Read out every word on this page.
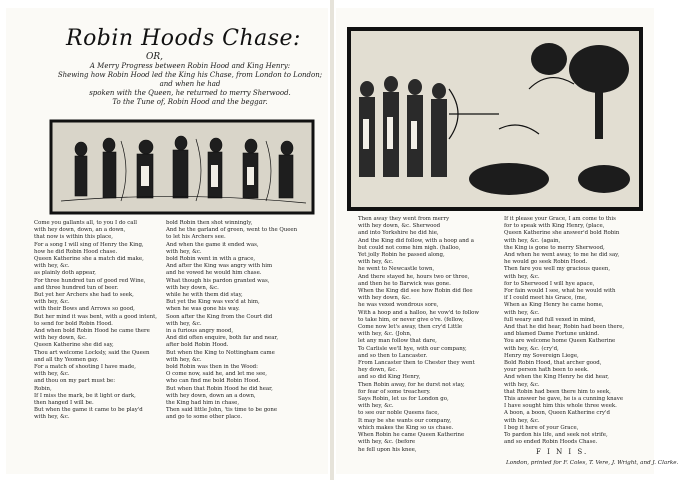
Robin Hoods Chase:
OR,
A Merry Progress between Robin Hood and King Henry:
Shewing how Robin Hood led the King his Chase, from London to London; and when he had
spoken with the Queen, he returned to merry Sherwood.
To the Tune of, Robin Hood and the beggar.
Come you gallants all, to you I do call
with hey down, down, an a down,
that now is within this place,
For a song I will sing of Henry the King,
how he did Robin Hood chase.
Queen Katherine she a match did make,
with hey, &c.
as plainly doth appear,
For three hundred tun of good red Wine,
and three hundred tun of beer.
But yet her Archers she had to seek,
with hey, &c.
with their Bows and Arrows so good,
But her mind it was bent, with a good intent,
to send for bold Robin Hood.
And when bold Robin Hood he came there
with hey down, &c.
Queen Katherine she did say,
Thou art welcome Locksly, said the Queen
and all thy Yeomen gay.
For a match of shooting I have made,
with hey, &c.
and thou on my part must be:
Robin,
If I miss the mark, be it light or dark,
then hanged I will be.
But when the game it came to be play'd
with hey, &c.
bold Robin then shot winningly,
And he the garland of green, went to the Queen
to let his Archers see.
And when the game it ended was,
with hey, &c.
bold Robin went in with a grace,
And after the King was angry with him
and he vowed he would him chase.
What though his pardon granted was,
with hey down, &c.
while he with them did stay,
But yet the King was vex'd at him,
when he was gone his way.
Soon after the King from the Court did
with hey, &c.
in a furious angry mood,
And did often enquire, both far and near,
after bold Robin Hood.
But when the King to Nottingham came
with hey, &c.
bold Robin was then in the Wood:
O come now, said he, and let me see,
who can find me bold Robin Hood.
But when that Robin Hood he did hear,
with hey down, down an a down,
the King had him in chase,
Then said little John, 'tis time to be gone
and go to some other place.
Then away they went from merry
with hey down, &c. Sherwood
and into Yorkshire he did hie,
And the King did follow, with a hoop and a
but could not come him nigh. (halloo,
Yet jolly Robin he passed along,
with hey, &c.
he went to Newcastle town,
And there stayed he, hours two or three,
and then he to Barwick was gone.
When the King did see how Robin did flee
with hey down, &c.
he was vexed wondrous sore,
With a hoop and a halloo, he vow'd to follow
to take him, or never give o're. (fellow,
Come now let's away, then cry'd Little
with hey, &c. (John,
let any man follow that dare,
To Carlisle we'll hye, with our company,
and so then to Lancaster.
From Lancaster then to Chester they went
hey down, &c.
and so did King Henry,
Then Robin away, for he durst not stay,
for fear of some treachery.
Says Robin, let us for London go,
with hey, &c.
to see our noble Queens face,
It may be she wants our company,
which makes the King so us chase.
When Robin he came Queen Katherine
with hey, &c. (before
he fell upon his knee,
If it please your Grace, I am come to this
for to speak with King Henry, (place,
Queen Katherine she answer'd bold Robin
with hey, &c. (again,
the King is gone to merry Sherwood,
And when he went away, to me he did say,
he would go seek Robin Hood.
Then fare you well my gracious queen,
with hey, &c.
for to Sherwood I will hye apace,
For fain would I see, what he would with
if I could meet his Grace, (me,
When as King Henry he came home,
with hey, &c.
full weary and full vexed in mind,
And that he did hear, Robin had been there,
and blamed Dame Fortune unkind.
You are welcome home Queen Katherine
with hey, &c. (cry'd,
Henry my Sovereign Liege,
Bold Robin Hood, that archer good,
your person hath been to seek.
And when the King Henry he did hear,
with hey, &c.
that Robin had been there him to seek,
This answer he gave, he is a cunning knave
I have sought him this whole three week.
A boon, a boon, Queen Katherine cry'd
with hey, &c.
I beg it here of your Grace,
To pardon his life, and seek not strife,
and so ended Robin Hoods Chase.
F I N I S.
London, printed for F. Coles, T. Vere, J. Wright, and J. Clarke.
